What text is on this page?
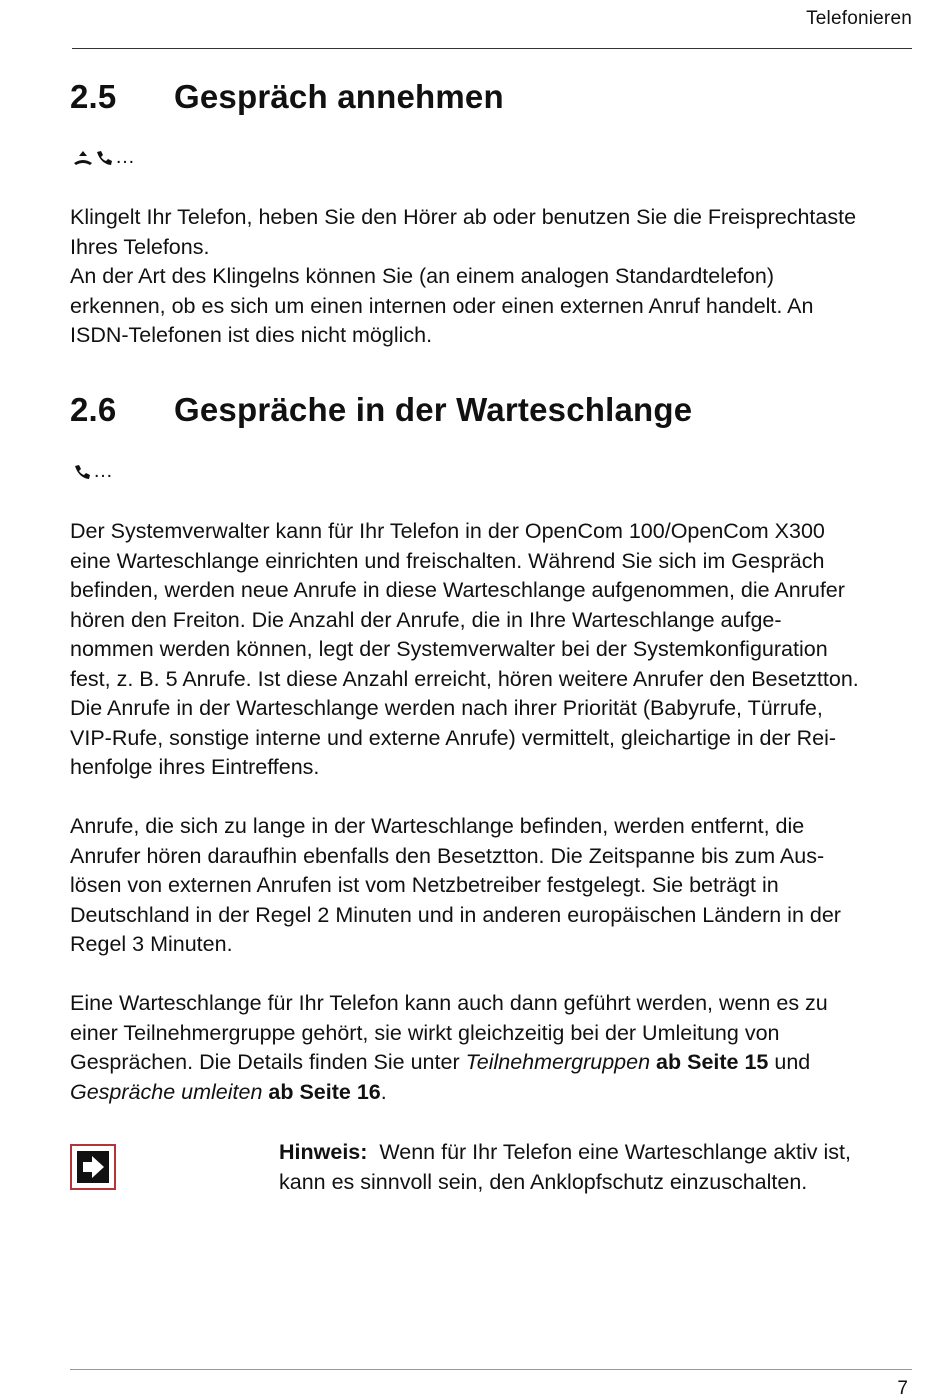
Telefonieren
2.5 Gespräch annehmen
…

Klingelt Ihr Telefon, heben Sie den Hörer ab oder benutzen Sie die Freisprechtaste
Ihres Telefons.
An der Art des Klingelns können Sie (an einem analogen Standardtelefon)
erkennen, ob es sich um einen internen oder einen externen Anruf handelt. An
ISDN-Telefonen ist dies nicht möglich.

2.6 Gespräche in der Warteschlange
…

Der Systemverwalter kann für Ihr Telefon in der OpenCom 100/OpenCom X300
eine Warteschlange einrichten und freischalten. Während Sie sich im Gespräch
befinden, werden neue Anrufe in diese Warteschlange aufgenommen, die Anrufer
hören den Freiton. Die Anzahl der Anrufe, die in Ihre Warteschlange aufge-
nommen werden können, legt der Systemverwalter bei der Systemkonfiguration
fest, z. B. 5 Anrufe. Ist diese Anzahl erreicht, hören weitere Anrufer den Besetztton.
Die Anrufe in der Warteschlange werden nach ihrer Priorität (Babyrufe, Türrufe,
VIP-Rufe, sonstige interne und externe Anrufe) vermittelt, gleichartige in der Rei-
henfolge ihres Eintreffens.

Anrufe, die sich zu lange in der Warteschlange befinden, werden entfernt, die
Anrufer hören daraufhin ebenfalls den Besetztton. Die Zeitspanne bis zum Aus-
lösen von externen Anrufen ist vom Netzbetreiber festgelegt. Sie beträgt in
Deutschland in der Regel 2 Minuten und in anderen europäischen Ländern in der
Regel 3 Minuten.

Eine Warteschlange für Ihr Telefon kann auch dann geführt werden, wenn es zu
einer Teilnehmergruppe gehört, sie wirkt gleichzeitig bei der Umleitung von
Gesprächen. Die Details finden Sie unter Teilnehmergruppen ab Seite 15 und
Gespräche umleiten ab Seite 16.

Hinweis: Wenn für Ihr Telefon eine Warteschlange aktiv ist,
kann es sinnvoll sein, den Anklopfschutz einzuschalten.

7
